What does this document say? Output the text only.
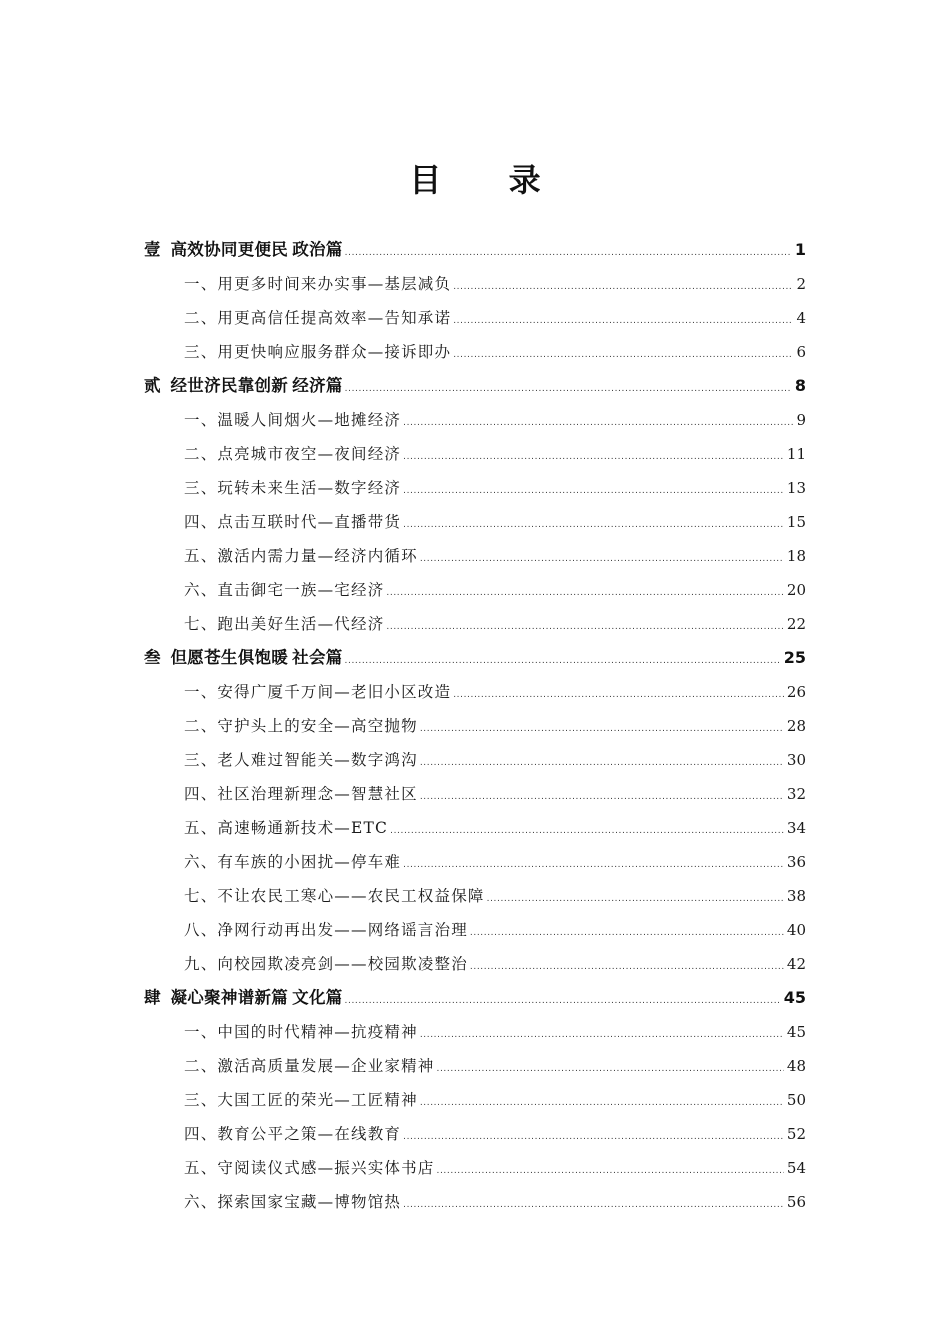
目 录
壹 高效协同更便民 政治篇 .....	1
一、用更多时间来办实事—基层减负 .....	2
二、用更高信任提高效率—告知承诺 .....	4
三、用更快响应服务群众—接诉即办 .....	6
贰 经世济民靠创新 经济篇 .....	8
一、温暖人间烟火—地摊经济 .....	9
二、点亮城市夜空—夜间经济 .....	11
三、玩转未来生活—数字经济 .....	13
四、点击互联时代—直播带货 .....	15
五、激活内需力量—经济内循环 .....	18
六、直击御宅一族—宅经济 .....	20
七、跑出美好生活—代经济 .....	22
叁 但愿苍生俱饱暖 社会篇 .....	25
一、安得广厦千万间—老旧小区改造 .....	26
二、守护头上的安全—高空抛物 .....	28
三、老人难过智能关—数字鸿沟 .....	30
四、社区治理新理念—智慧社区 .....	32
五、高速畅通新技术—ETC .....	34
六、有车族的小困扰—停车难 .....	36
七、不让农民工寒心——农民工权益保障 .....	38
八、净网行动再出发——网络谣言治理 .....	40
九、向校园欺凌亮剑——校园欺凌整治 .....	42
肆 凝心聚神谱新篇 文化篇 .....	45
一、中国的时代精神—抗疫精神 .....	45
二、激活高质量发展—企业家精神 .....	48
三、大国工匠的荣光—工匠精神 .....	50
四、教育公平之策—在线教育 .....	52
五、守阅读仪式感—振兴实体书店 .....	54
六、探索国家宝藏—博物馆热 .....	56
